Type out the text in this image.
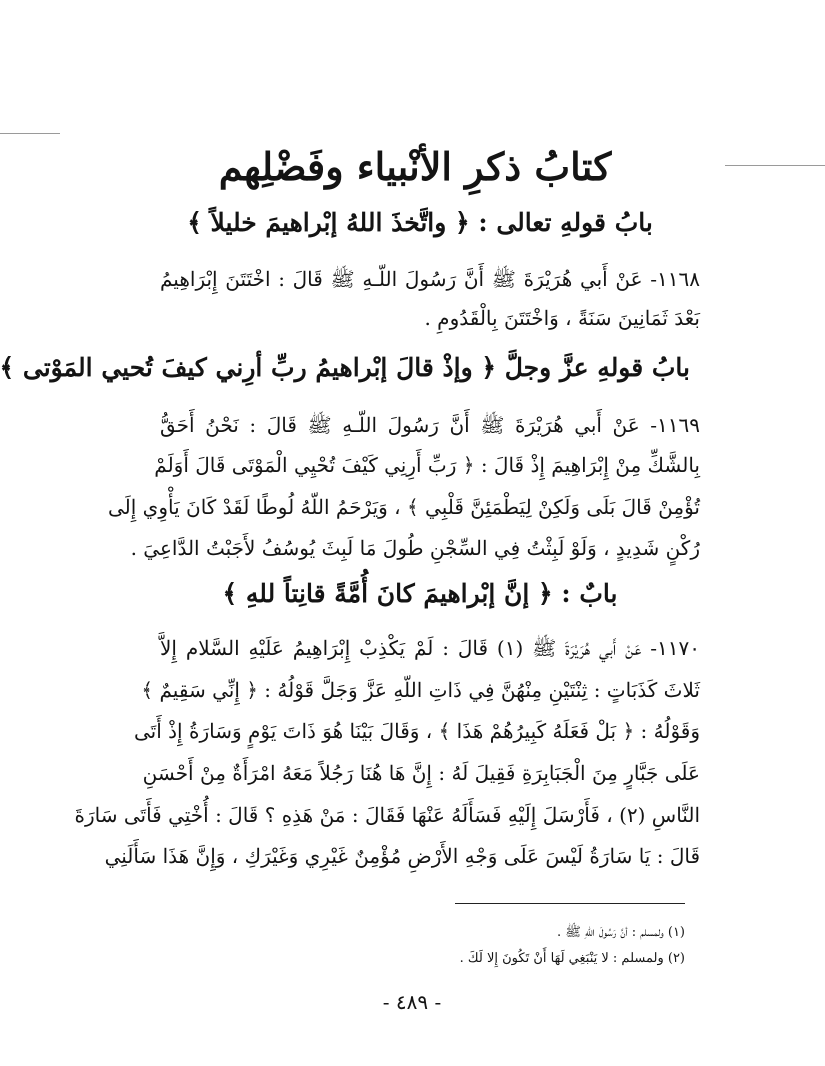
كتابُ ذكرِ الأنْبياء وفَضْلِهم
بابُ قولهِ تعالى : ﴿ واتَّخذَ اللهُ إبْراهيمَ خليلاً ﴾
١١٦٨- عَنْ أَبي هُرَيْرَةَ ﷺ أَنَّ رَسُولَ اللّـهِ ﷺ قَالَ : اخْتَتَنَ إِبْرَاهِيمُ
بَعْدَ ثَمَانِينَ سَنَةً ، وَاخْتَتَنَ بِالْقَدُومِ .
بابُ قولهِ عزَّ وجلَّ ﴿ وإذْ قالَ إبْراهيمُ ربِّ أرِني كيفَ تُحيي المَوْتى ﴾
١١٦٩- عَنْ أَبي هُرَيْرَةَ ﷺ أَنَّ رَسُولَ اللّـهِ ﷺ قَالَ : نَحْنُ أَحَقُّ
بِالشَّكِّ مِنْ إِبْرَاهِيمَ إِذْ قَالَ : ﴿ رَبِّ أَرِنِي كَيْفَ تُحْيِي الْمَوْتَى قَالَ أَوَلَمْ
تُؤْمِنْ قَالَ بَلَى وَلَكِنْ لِيَطْمَئِنَّ قَلْبِي ﴾ ، وَيَرْحَمُ اللّهُ لُوطًا لَقَدْ كَانَ يَأْوِي إِلَى
رُكْنٍ شَدِيدٍ ، وَلَوْ لَبِثْتُ فِي السِّجْنِ طُولَ مَا لَبِثَ يُوسُفُ لأَجَبْتُ الدَّاعِيَ .
بابٌ : ﴿ إنَّ إبْراهيمَ كانَ أُمَّةً قانِتاً للهِ ﴾
١١٧٠- عَنْ أَبي هُرَيْرَةَ ﷺ (١) قَالَ : لَمْ يَكْذِبْ إِبْرَاهِيمُ عَلَيْهِ السَّلام إِلاَّ
ثَلاثَ كَذَبَاتٍ : ثِنْتَيْنِ مِنْهُنَّ فِي ذَاتِ اللّهِ عَزَّ وَجَلَّ قَوْلُهُ : ﴿ إِنِّي سَقِيمٌ ﴾
وَقَوْلُهُ : ﴿ بَلْ فَعَلَهُ كَبِيرُهُمْ هَذَا ﴾ ، وَقَالَ بَيْنَا هُوَ ذَاتَ يَوْمٍ وَسَارَةُ إِذْ أَتَى
عَلَى جَبَّارٍ مِنَ الْجَبَابِرَةِ فَقِيلَ لَهُ : إِنَّ هَا هُنَا رَجُلاً مَعَهُ امْرَأَةٌ مِنْ أَحْسَنِ
النَّاسِ (٢) ، فَأَرْسَلَ إِلَيْهِ فَسَأَلَهُ عَنْهَا فَقَالَ : مَنْ هَذِهِ ؟ قَالَ : أُخْتِي فَأَتَى سَارَةَ
قَالَ : يَا سَارَةُ لَيْسَ عَلَى وَجْهِ الأَرْضِ مُؤْمِنٌ غَيْرِي وَغَيْرَكِ ، وَإِنَّ هَذَا سَأَلَنِي
(١) ولمسلم : أنَّ رَسُولَ اللّهِ ﷺ .
(٢) ولمسلم : لا يَنْبَغِي لَهَا أَنْ تَكُونَ إِلا لَكَ .
- ٤٨٩ -
